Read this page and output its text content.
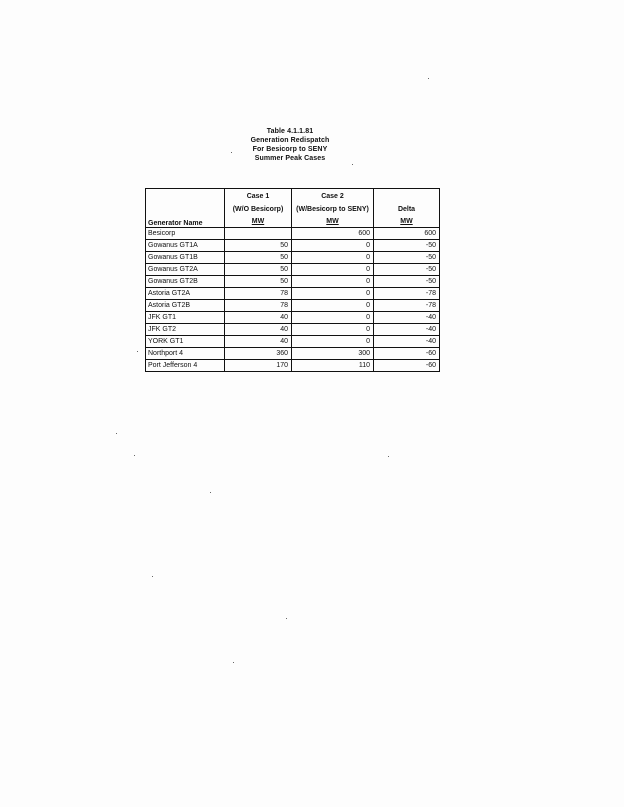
Table 4.1.1.81
Generation Redispatch
For Besicorp to SENY
Summer Peak Cases
	Case 1	Case 2	
	(W/O Besicorp)	(W/Besicorp to SENY)	Delta
Generator Name	MW	MW	MW
Besicorp		600	600
Gowanus GT1A	50	0	-50
Gowanus GT1B	50	0	-50
Gowanus GT2A	50	0	-50
Gowanus GT2B	50	0	-50
Astoria GT2A	78	0	-78
Astoria GT2B	78	0	-78
JFK GT1	40	0	-40
JFK GT2	40	0	-40
YORK GT1	40	0	-40
Northport 4	360	300	-60
Port Jefferson 4	170	110	-60
